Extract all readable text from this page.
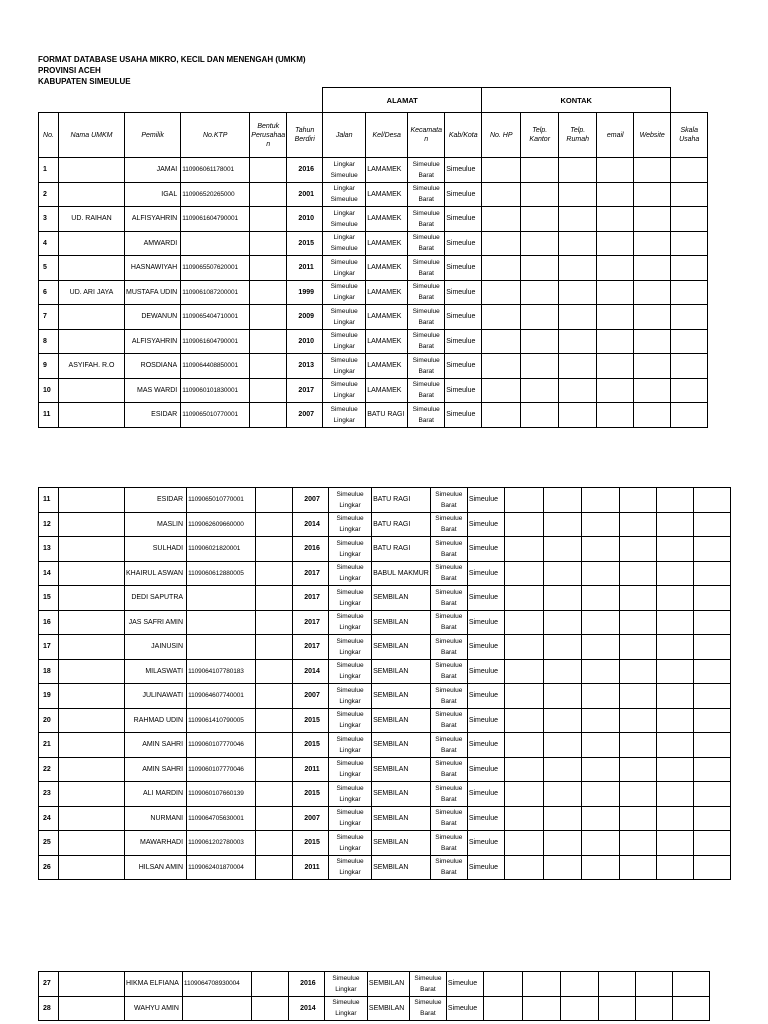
FORMAT DATABASE USAHA MIKRO, KECIL DAN MENENGAH (UMKM)
PROVINSI ACEH
KABUPATEN SIMEULUE
						ALAMAT				KONTAK					
No.	Nama UMKM	Pemilik	No.KTP	Bentuk Perusahaa n	Tahun Berdiri	Jalan	Kel/Desa	Kecamata n	Kab/Kota	No. HP	Telp. Kantor	Telp. Rumah	email	Website	Skala Usaha
1		JAMAI	110906061178001		2016	Lingkar Simeulue	LAMAMEK	Simeulue Barat	Simeulue						
2		IGAL	110906520265000		2001	Lingkar Simeulue	LAMAMEK	Simeulue Barat	Simeulue						
3	UD. RAIHAN	ALFISYAHRIN	1109061604790001		2010	Lingkar Simeulue	LAMAMEK	Simeulue Barat	Simeulue						
4		AMWARDI			2015	Lingkar Simeulue	LAMAMEK	Simeulue Barat	Simeulue						
5		HASNAWIYAH	1109065507620001		2011	Simeulue Lingkar	LAMAMEK	Simeulue Barat	Simeulue						
6	UD. ARI JAYA	MUSTAFA UDIN	1109061087200001		1999	Simeulue Lingkar	LAMAMEK	Simeulue Barat	Simeulue						
7		DEWANUN	1109065404710001		2009	Simeulue Lingkar	LAMAMEK	Simeulue Barat	Simeulue						
8		ALFISYAHRIN	1109061604790001		2010	Simeulue Lingkar	LAMAMEK	Simeulue Barat	Simeulue						
9	ASYIFAH. R.O	ROSDIANA	1109064408850001		2013	Simeulue Lingkar	LAMAMEK	Simeulue Barat	Simeulue						
10		MAS WARDI	1109060101830001		2017	Simeulue Lingkar	LAMAMEK	Simeulue Barat	Simeulue						
11		ESIDAR	1109065010770001		2007	Simeulue Lingkar	BATU RAGI	Simeulue Barat	Simeulue						
11		ESIDAR	1109065010770001		2007	Simeulue Lingkar	BATU RAGI	Simeulue Barat	Simeulue						
12		MASLIN	1109062609660000		2014	Simeulue Lingkar	BATU RAGI	Simeulue Barat	Simeulue						
13		SULHADI	110906021820001		2016	Simeulue Lingkar	BATU RAGI	Simeulue Barat	Simeulue						
14		KHAIRUL ASWAN	1109060612880005		2017	Simeulue Lingkar	BABUL MAKMUR	Simeulue Barat	Simeulue						
15		DEDI SAPUTRA			2017	Simeulue Lingkar	SEMBILAN	Simeulue Barat	Simeulue						
16		JAS SAFRI AMIN			2017	Simeulue Lingkar	SEMBILAN	Simeulue Barat	Simeulue						
17		JAINUSIN			2017	Simeulue Lingkar	SEMBILAN	Simeulue Barat	Simeulue						
18		MILASWATI	1109064107780183		2014	Simeulue Lingkar	SEMBILAN	Simeulue Barat	Simeulue						
19		JULINAWATI	1109064607740001		2007	Simeulue Lingkar	SEMBILAN	Simeulue Barat	Simeulue						
20		RAHMAD UDIN	1109061410790005		2015	Simeulue Lingkar	SEMBILAN	Simeulue Barat	Simeulue						
21		AMIN SAHRI	1109060107770046		2015	Simeulue Lingkar	SEMBILAN	Simeulue Barat	Simeulue						
22		AMIN SAHRI	1109060107770046		2011	Simeulue Lingkar	SEMBILAN	Simeulue Barat	Simeulue						
23		ALI MARDIN	1109060107660139		2015	Simeulue Lingkar	SEMBILAN	Simeulue Barat	Simeulue						
24		NURMANI	1109064705630001		2007	Simeulue Lingkar	SEMBILAN	Simeulue Barat	Simeulue						
25		MAWARHADI	1109061202780003		2015	Simeulue Lingkar	SEMBILAN	Simeulue Barat	Simeulue						
26		HILSAN AMIN	1109062401870004		2011	Simeulue Lingkar	SEMBILAN	Simeulue Barat	Simeulue						
27		HIKMA ELFIANA	1109064708930004		2016	Simeulue Lingkar	SEMBILAN	Simeulue Barat	Simeulue						
28		WAHYU AMIN			2014	Simeulue Lingkar	SEMBILAN	Simeulue Barat	Simeulue						
